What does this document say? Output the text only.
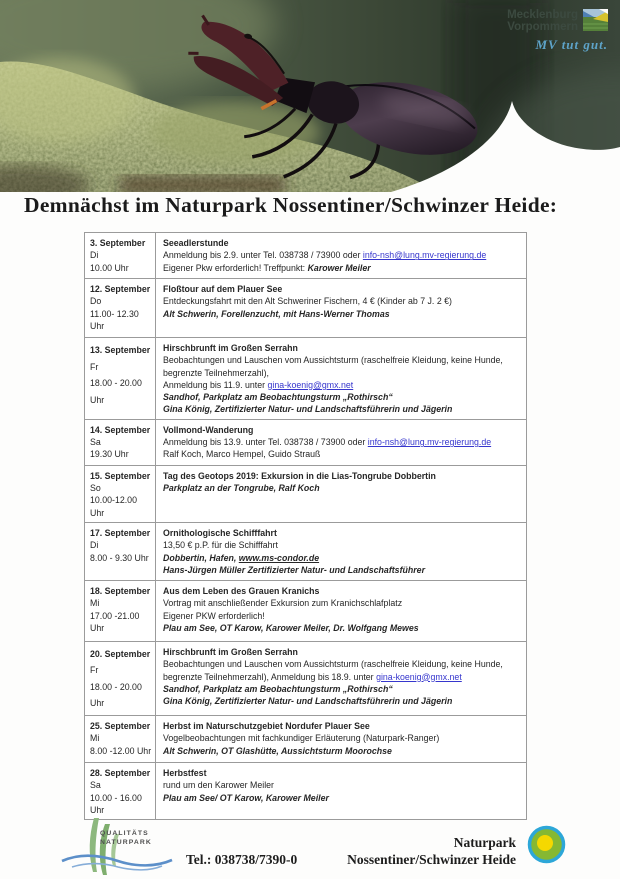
Mecklenburg
Vorpommern
MV tut gut.
Demnächst im Naturpark Nossentiner/Schwinzer Heide:
3. September
Di
10.00 Uhr
Seeadlerstunde
Anmeldung bis 2.9. unter Tel. 038738 / 73900 oder info-nsh@lung.mv-regierung.de
Eigener Pkw erforderlich! Treffpunkt: Karower Meiler
12. September
Do
11.00- 12.30
Uhr
Floßtour auf dem Plauer See
Entdeckungsfahrt mit den Alt Schweriner Fischern, 4 € (Kinder ab 7 J. 2 €)
Alt Schwerin, Forellenzucht, mit Hans-Werner Thomas
13. September
Fr
18.00 - 20.00
Uhr
Hirschbrunft im Großen Serrahn
Beobachtungen und Lauschen vom Aussichtsturm (raschelfreie Kleidung, keine Hunde, begrenzte Teilnehmerzahl),
Anmeldung bis 11.9. unter gina-koenig@gmx.net
Sandhof, Parkplatz am Beobachtungsturm „Rothirsch“
Gina König, Zertifizierter Natur- und Landschaftsführerin und Jägerin
14. September
Sa
19.30 Uhr
Vollmond-Wanderung
Anmeldung bis 13.9. unter Tel. 038738 / 73900 oder info-nsh@lung.mv-regierung.de
Ralf Koch, Marco Hempel, Guido Strauß
15. September
So
10.00-12.00
Uhr
Tag des Geotops 2019: Exkursion in die Lias-Tongrube Dobbertin
Parkplatz an der Tongrube, Ralf Koch
17. September
Di
8.00 - 9.30 Uhr
Ornithologische Schifffahrt
13,50 € p.P. für die Schifffahrt
Dobbertin, Hafen, www.ms-condor.de
Hans-Jürgen Müller Zertifizierter Natur- und Landschaftsführer
18. September
Mi
17.00 -21.00
Uhr
Aus dem Leben des Grauen Kranichs
Vortrag mit anschließender Exkursion zum Kranichschlafplatz
Eigener PKW erforderlich!
Plau am See, OT Karow, Karower Meiler, Dr. Wolfgang Mewes
20. September
Fr
18.00 - 20.00
Uhr
Hirschbrunft im Großen Serrahn
Beobachtungen und Lauschen vom Aussichtsturm (raschelfreie Kleidung, keine Hunde, begrenzte Teilnehmerzahl), Anmeldung bis 18.9. unter gina-koenig@gmx.net
Sandhof, Parkplatz am Beobachtungsturm „Rothirsch“
Gina König, Zertifizierter Natur- und Landschaftsführerin und Jägerin
25. September
Mi
8.00 -12.00 Uhr
Herbst im Naturschutzgebiet Nordufer Plauer See
Vogelbeobachtungen mit fachkundiger Erläuterung (Naturpark-Ranger)
Alt Schwerin, OT Glashütte, Aussichtsturm Moorochse
28. September
Sa
10.00 - 16.00
Uhr
Herbstfest
rund um den Karower Meiler
Plau am See/ OT Karow, Karower Meiler
QUALITÄTS
NATURPARK
Tel.: 038738/7390-0
Naturpark
Nossentiner/Schwinzer Heide
